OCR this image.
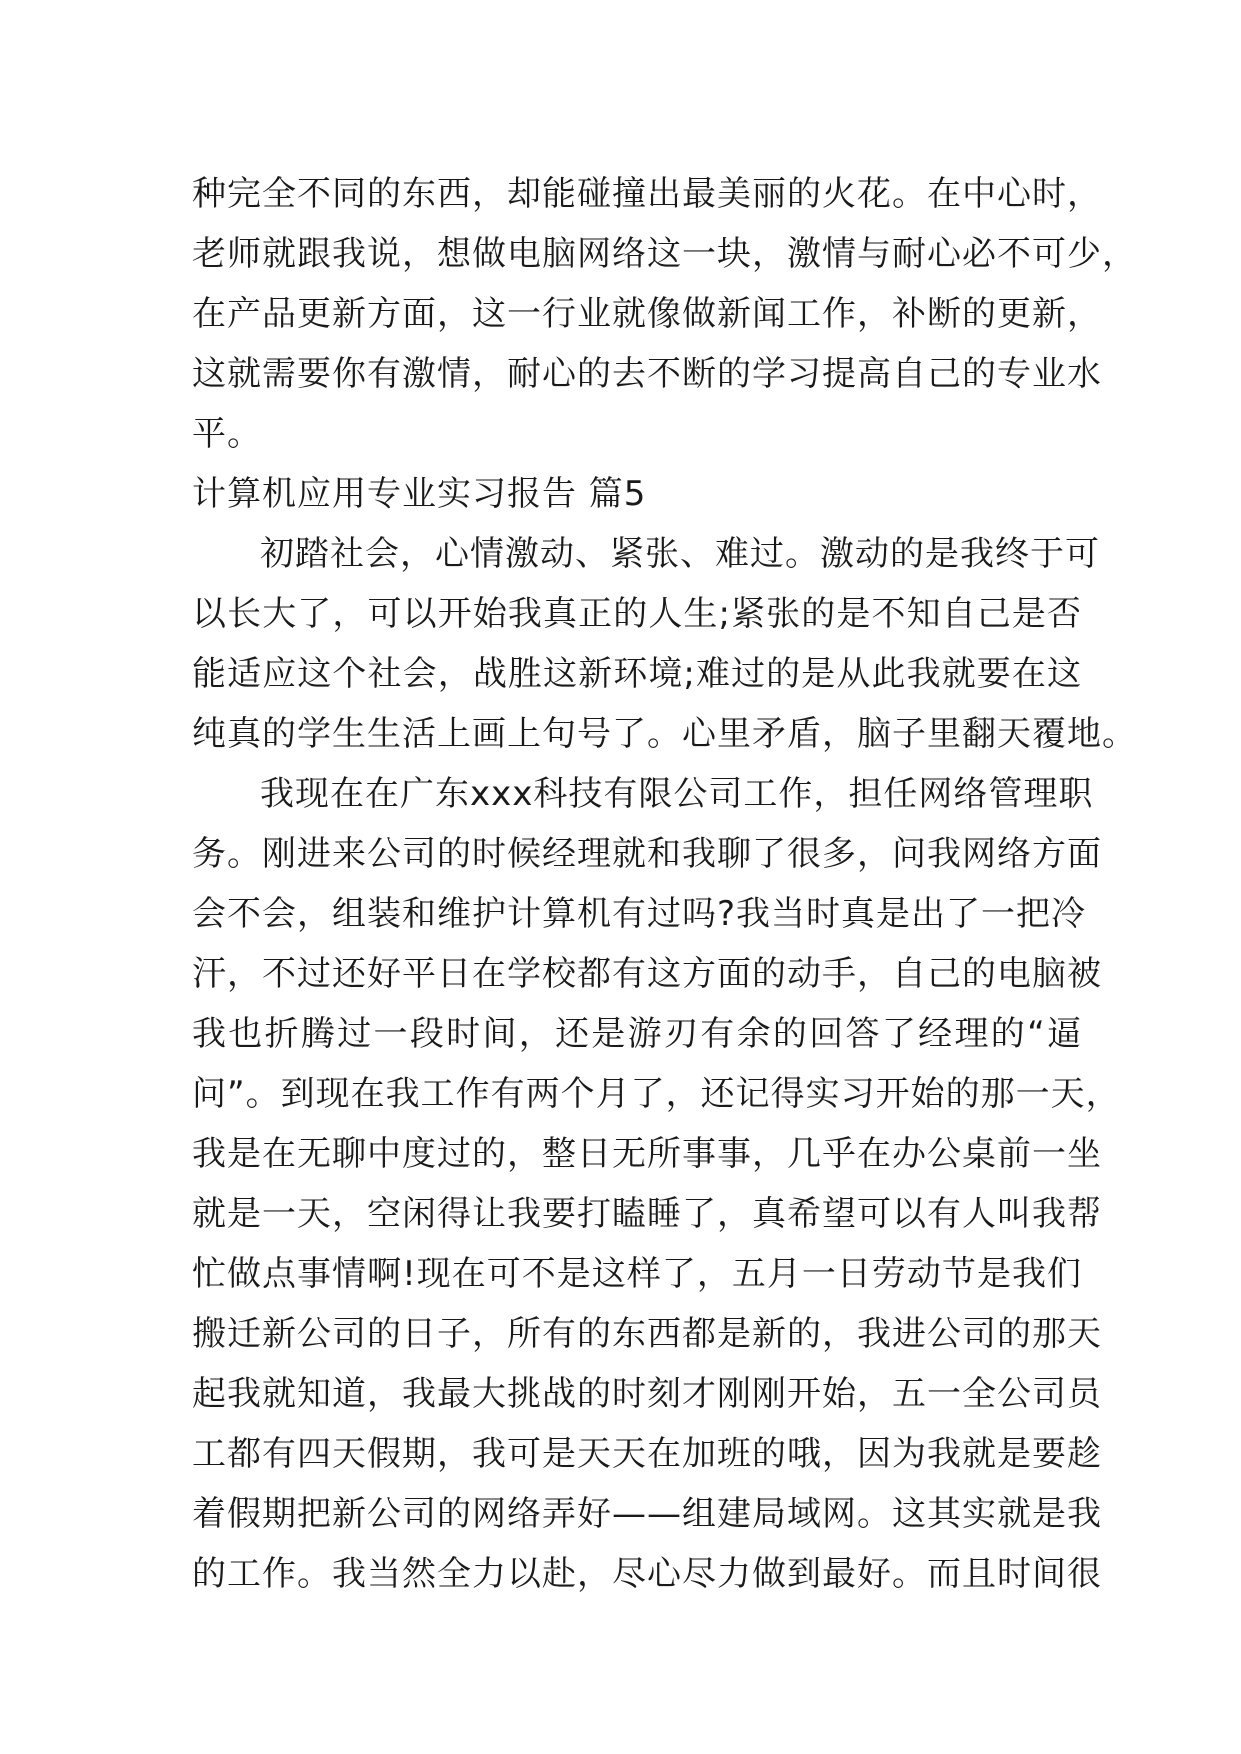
种完全不同的东西，却能碰撞出最美丽的火花。在中心时，
老师就跟我说，想做电脑网络这一块，激情与耐心必不可少，
在产品更新方面，这一行业就像做新闻工作，补断的更新，
这就需要你有激情，耐心的去不断的学习提高自己的专业水
平。
计算机应用专业实习报告 篇5
初踏社会，心情激动、紧张、难过。激动的是我终于可
以长大了，可以开始我真正的人生;紧张的是不知自己是否
能适应这个社会，战胜这新环境;难过的是从此我就要在这
纯真的学生生活上画上句号了。心里矛盾，脑子里翻天覆地。
我现在在广东xxx科技有限公司工作，担任网络管理职
务。刚进来公司的时候经理就和我聊了很多，问我网络方面
会不会，组装和维护计算机有过吗?我当时真是出了一把冷
汗，不过还好平日在学校都有这方面的动手，自己的电脑被
我也折腾过一段时间，还是游刃有余的回答了经理的“逼
问”。到现在我工作有两个月了，还记得实习开始的那一天，
我是在无聊中度过的，整日无所事事，几乎在办公桌前一坐
就是一天，空闲得让我要打瞌睡了，真希望可以有人叫我帮
忙做点事情啊!现在可不是这样了，五月一日劳动节是我们
搬迁新公司的日子，所有的东西都是新的，我进公司的那天
起我就知道，我最大挑战的时刻才刚刚开始，五一全公司员
工都有四天假期，我可是天天在加班的哦，因为我就是要趁
着假期把新公司的网络弄好——组建局域网。这其实就是我
的工作。我当然全力以赴，尽心尽力做到最好。而且时间很
